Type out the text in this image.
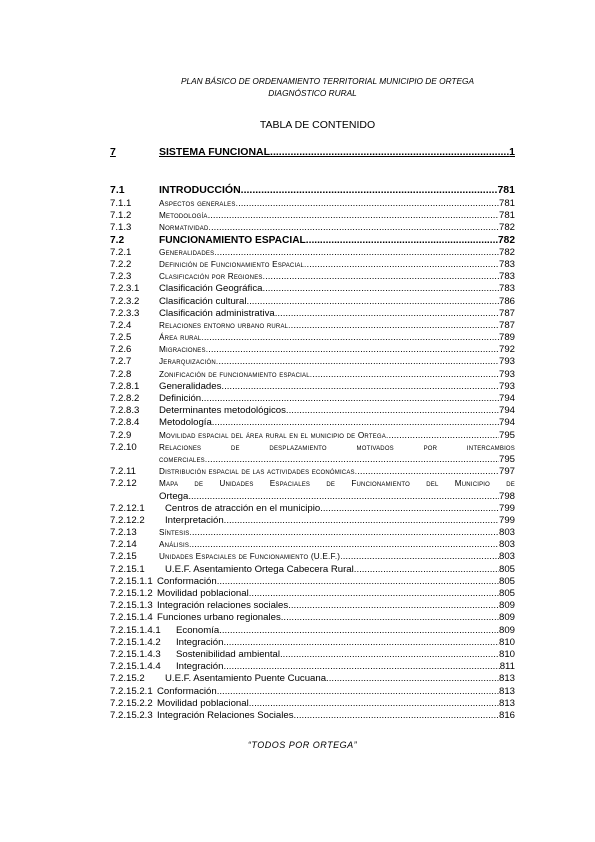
PLAN BÁSICO DE ORDENAMIENTO TERRITORIAL MUNICIPIO DE ORTEGA
DIAGNÓSTICO RURAL
TABLA DE CONTENIDO
7	SISTEMA FUNCIONAL .....	1
7.1	INTRODUCCIÓN .....	781
7.1.1	Aspectos generales. .....	781
7.1.2	Metodología .....	781
7.1.3	Normatividad. .....	782
7.2	FUNCIONAMIENTO ESPACIAL .....	782
7.2.1	Generalidades. .....	782
7.2.2	Definición de Funcionamiento Espacial. .....	783
7.2.3	Clasificación por Regiones. .....	783
7.2.3.1 Clasificación Geográfica .....	783
7.2.3.2 Clasificación cultural. .....	786
7.2.3.3 Clasificación administrativa. .....	787
7.2.4	Relaciones entorno urbano rural. .....	787
7.2.5	Área rural. .....	789
7.2.6	Migraciones. .....	792
7.2.7	Jerarquización. .....	793
7.2.8	Zonificación de funcionamiento espacial. .....	793
7.2.8.1 Generalidades .....	793
7.2.8.2 Definición. .....	794
7.2.8.3 Determinantes metodológicos. .....	794
7.2.8.4 Metodología. .....	794
7.2.9	Movilidad espacial del área rural en el municipio de Ortega. .....	795
7.2.10	Relaciones de desplazamiento motivados por intercambios
comerciales. .....	795
7.2.11	Distribución espacial de las actividades económicas. .....	797
7.2.12	Mapa de Unidades Espaciales de Funcionamiento del Municipio de
Ortega. .....	798
7.2.12.1	Centros de atracción en el municipio .....	799
7.2.12.2	Interpretación .....	799
7.2.13	Síntesis. .....	803
7.2.14	Análisis. .....	803
7.2.15	Unidades Espaciales de Funcionamiento (U.E.F.). .....	803
7.2.15.1	U.E.F. Asentamiento Ortega Cabecera Rural. .....	805
7.2.15.1.1 Conformación. .....	805
7.2.15.1.2 Movilidad poblacional. .....	805
7.2.15.1.3 Integración relaciones sociales. .....	809
7.2.15.1.4 Funciones urbano regionales. .....	809
7.2.15.1.4.1 Economía. .....	809
7.2.15.1.4.2 Integración. .....	810
7.2.15.1.4.3 Sostenibilidad ambiental .....	810
7.2.15.1.4.4 Integración. .....	811
7.2.15.2	U.E.F. Asentamiento Puente Cucuana. .....	813
7.2.15.2.1 Conformación. .....	813
7.2.15.2.2 Movilidad poblacional. .....	813
7.2.15.2.3 Integración Relaciones Sociales. .....	816
“TODOS POR ORTEGA”
